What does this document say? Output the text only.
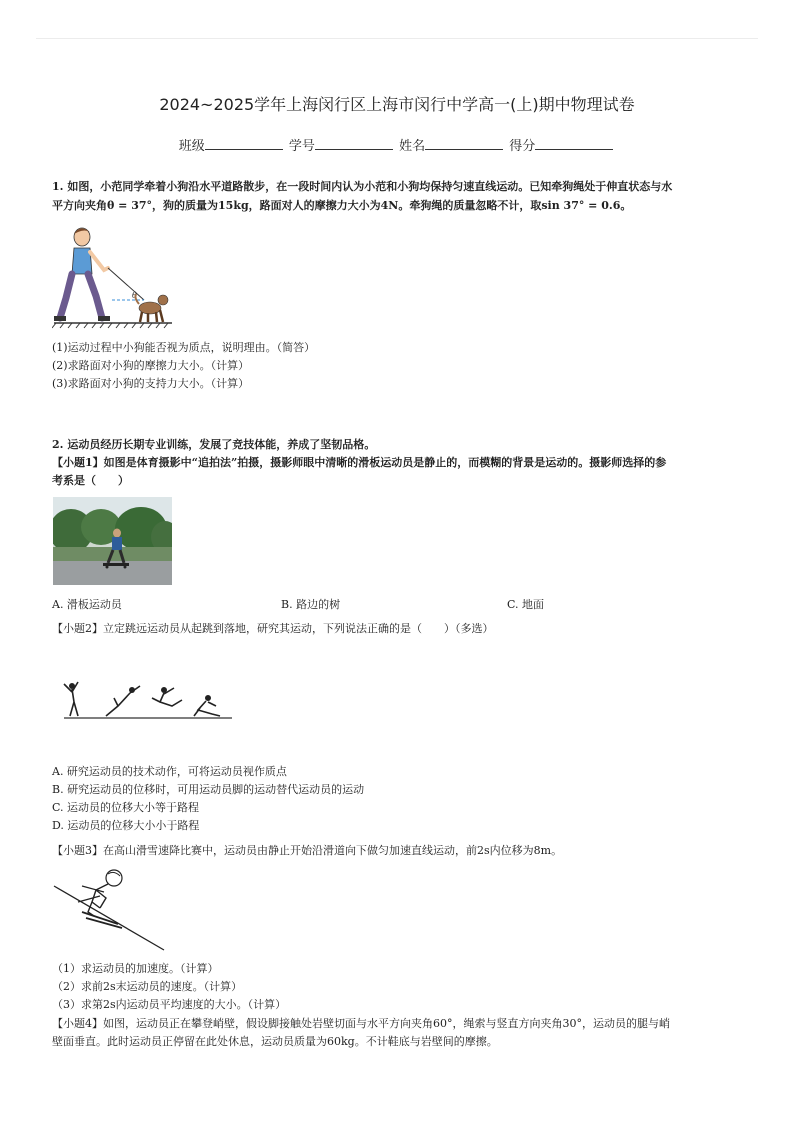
2024~2025学年上海闵行区上海市闵行中学高一(上)期中物理试卷
班级	学号	姓名	得分
1. 如图，小范同学牵着小狗沿水平道路散步，在一段时间内认为小范和小狗均保持匀速直线运动。已知牵狗绳处于伸直状态与水
平方向夹角θ = 37°，狗的质量为15kg，路面对人的摩擦力大小为4N。牵狗绳的质量忽略不计，取sin 37° = 0.6。
θ
(1)运动过程中小狗能否视为质点，说明理由。（简答）
(2)求路面对小狗的摩擦力大小。（计算）
(3)求路面对小狗的支持力大小。（计算）
2. 运动员经历长期专业训练，发展了竞技体能，养成了坚韧品格。
【小题1】如图是体育摄影中“追拍法”拍摄，摄影师眼中清晰的滑板运动员是静止的，而模糊的背景是运动的。摄影师选择的参
考系是（　　）
A. 滑板运动员	B. 路边的树	C. 地面
【小题2】立定跳远运动员从起跳到落地，研究其运动，下列说法正确的是（　　）（多选）
A. 研究运动员的技术动作，可将运动员视作质点
B. 研究运动员的位移时，可用运动员脚的运动替代运动员的运动
C. 运动员的位移大小等于路程
D. 运动员的位移大小小于路程
【小题3】在高山滑雪速降比赛中，运动员由静止开始沿滑道向下做匀加速直线运动，前2s内位移为8m。
（1）求运动员的加速度。（计算）
（2）求前2s末运动员的速度。（计算）
（3）求第2s内运动员平均速度的大小。（计算）
【小题4】如图，运动员正在攀登峭壁，假设脚接触处岩壁切面与水平方向夹角60°，绳索与竖直方向夹角30°，运动员的腿与峭
壁面垂直。此时运动员正停留在此处休息，运动员质量为60kg。不计鞋底与岩壁间的摩擦。
